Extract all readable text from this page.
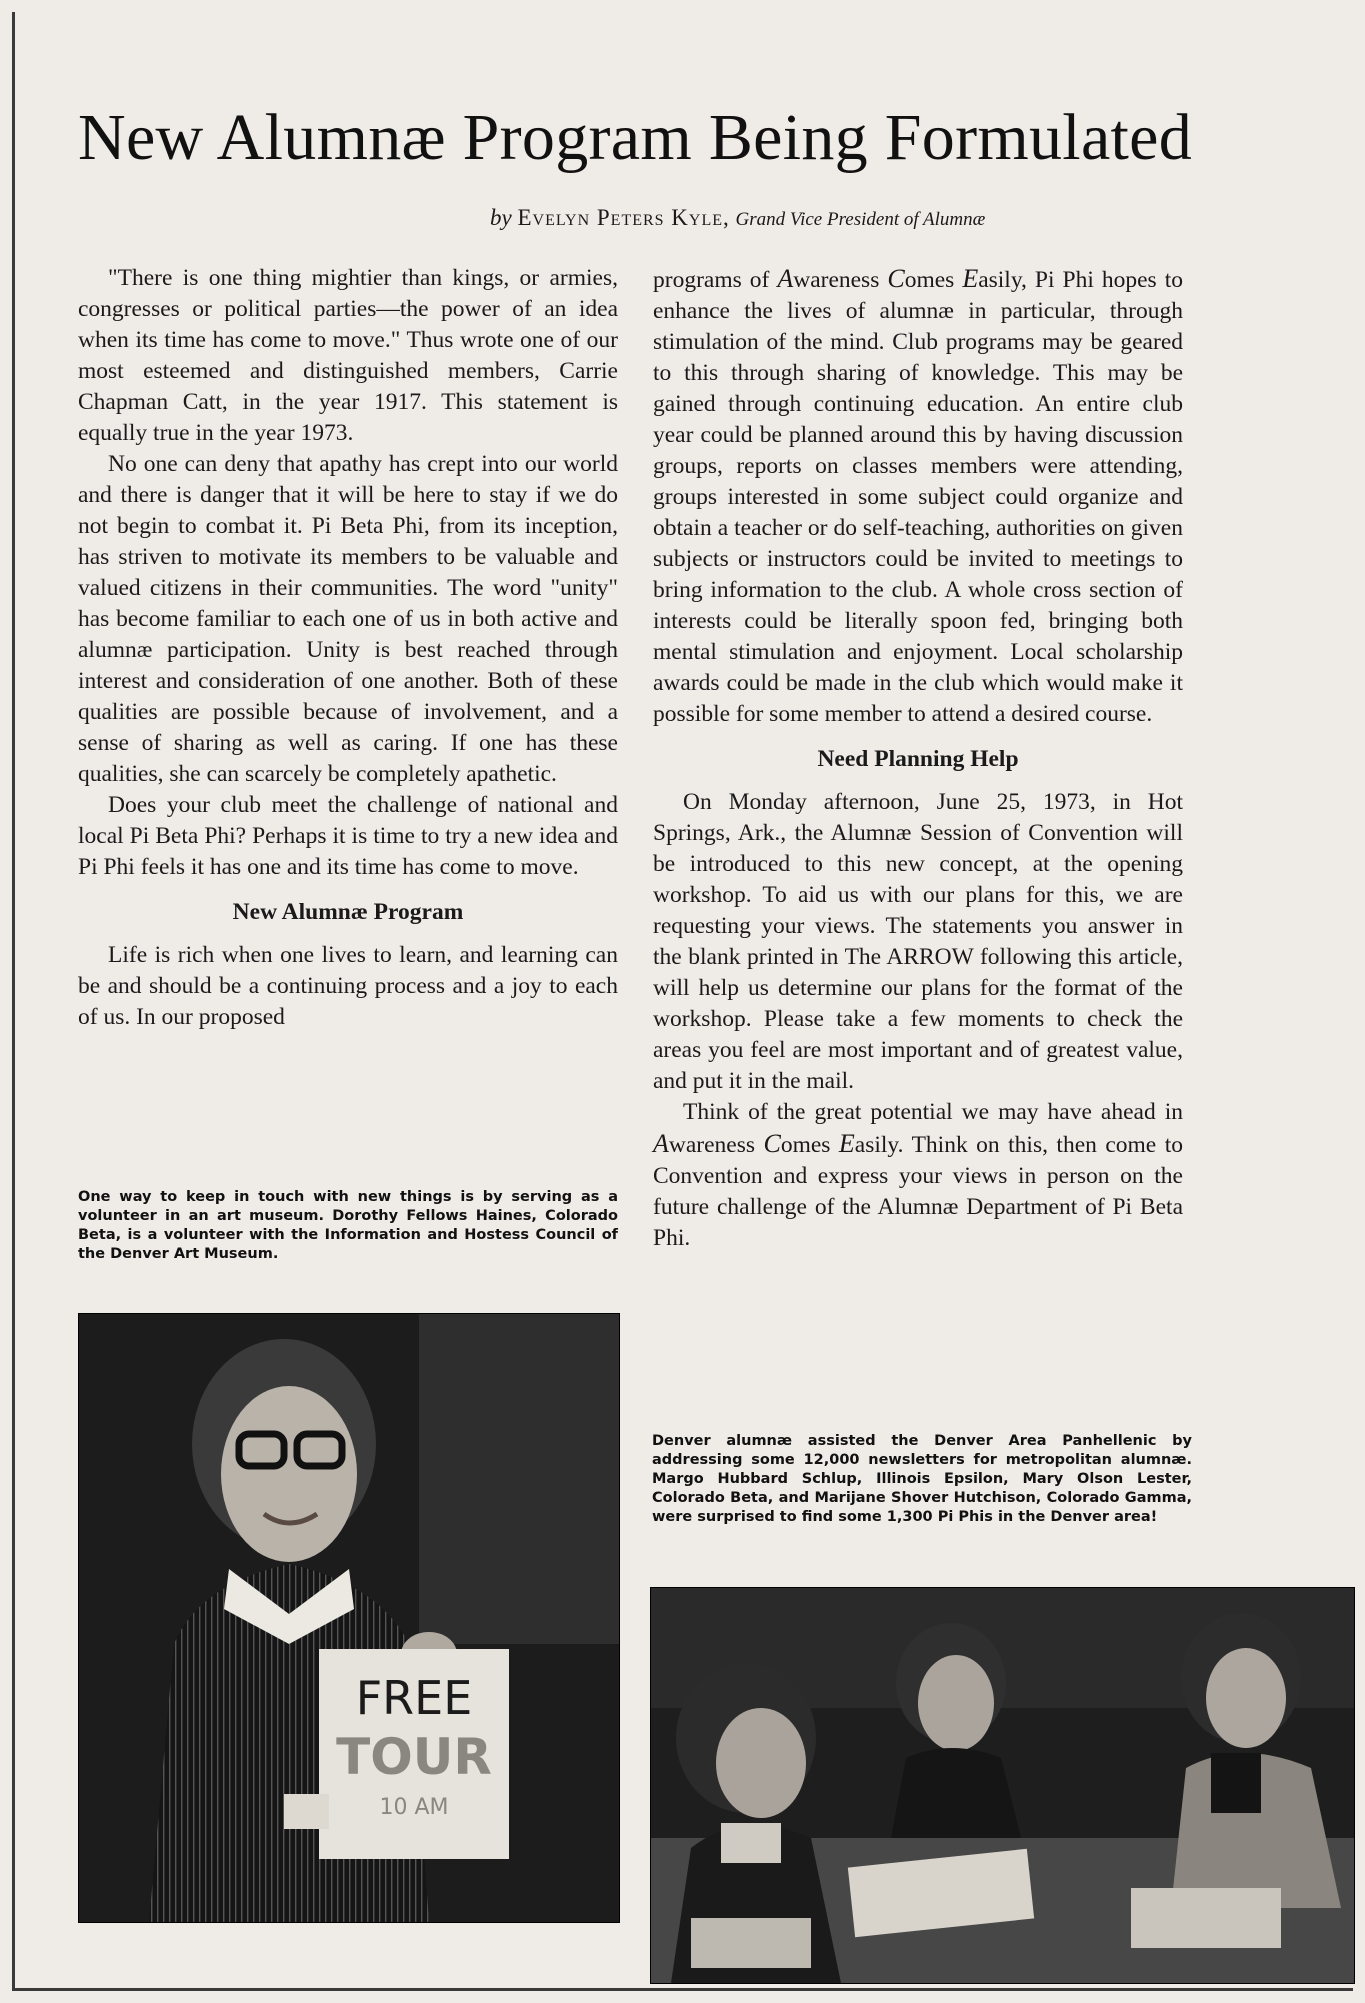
New Alumnæ Program Being Formulated
by Evelyn Peters Kyle, Grand Vice President of Alumnæ

"There is one thing mightier than kings, or armies, congresses or political parties—the power of an idea when its time has come to move." Thus wrote one of our most esteemed and distinguished members, Carrie Chapman Catt, in the year 1917. This statement is equally true in the year 1973.

No one can deny that apathy has crept into our world and there is danger that it will be here to stay if we do not begin to combat it. Pi Beta Phi, from its inception, has striven to motivate its members to be valuable and valued citizens in their communities. The word "unity" has become familiar to each one of us in both active and alumnæ participation. Unity is best reached through interest and consideration of one another. Both of these qualities are possible because of involvement, and a sense of sharing as well as caring. If one has these qualities, she can scarcely be completely apathetic.

Does your club meet the challenge of national and local Pi Beta Phi? Perhaps it is time to try a new idea and Pi Phi feels it has one and its time has come to move.

New Alumnæ Program

Life is rich when one lives to learn, and learning can be and should be a continuing process and a joy to each of us. In our proposed

programs of Awareness Comes Easily, Pi Phi hopes to enhance the lives of alumnæ in particular, through stimulation of the mind. Club programs may be geared to this through sharing of knowledge. This may be gained through continuing education. An entire club year could be planned around this by having discussion groups, reports on classes members were attending, groups interested in some subject could organize and obtain a teacher or do self-teaching, authorities on given subjects or instructors could be invited to meetings to bring information to the club. A whole cross section of interests could be literally spoon fed, bringing both mental stimulation and enjoyment. Local scholarship awards could be made in the club which would make it possible for some member to attend a desired course.

Need Planning Help

On Monday afternoon, June 25, 1973, in Hot Springs, Ark., the Alumnæ Session of Convention will be introduced to this new concept, at the opening workshop. To aid us with our plans for this, we are requesting your views. The statements you answer in the blank printed in The ARROW following this article, will help us determine our plans for the format of the workshop. Please take a few moments to check the areas you feel are most important and of greatest value, and put it in the mail.

Think of the great potential we may have ahead in Awareness Comes Easily. Think on this, then come to Convention and express your views in person on the future challenge of the Alumnæ Department of Pi Beta Phi.

One way to keep in touch with new things is by serving as a volunteer in an art museum. Dorothy Fellows Haines, Colorado Beta, is a volunteer with the Information and Hostess Council of the Denver Art Museum.
FREE
TOUR
10 AM
Denver alumnæ assisted the Denver Area Panhellenic by addressing some 12,000 newsletters for metropolitan alumnæ. Margo Hubbard Schlup, Illinois Epsilon, Mary Olson Lester, Colorado Beta, and Marijane Shover Hutchison, Colorado Gamma, were surprised to find some 1,300 Pi Phis in the Denver area!
